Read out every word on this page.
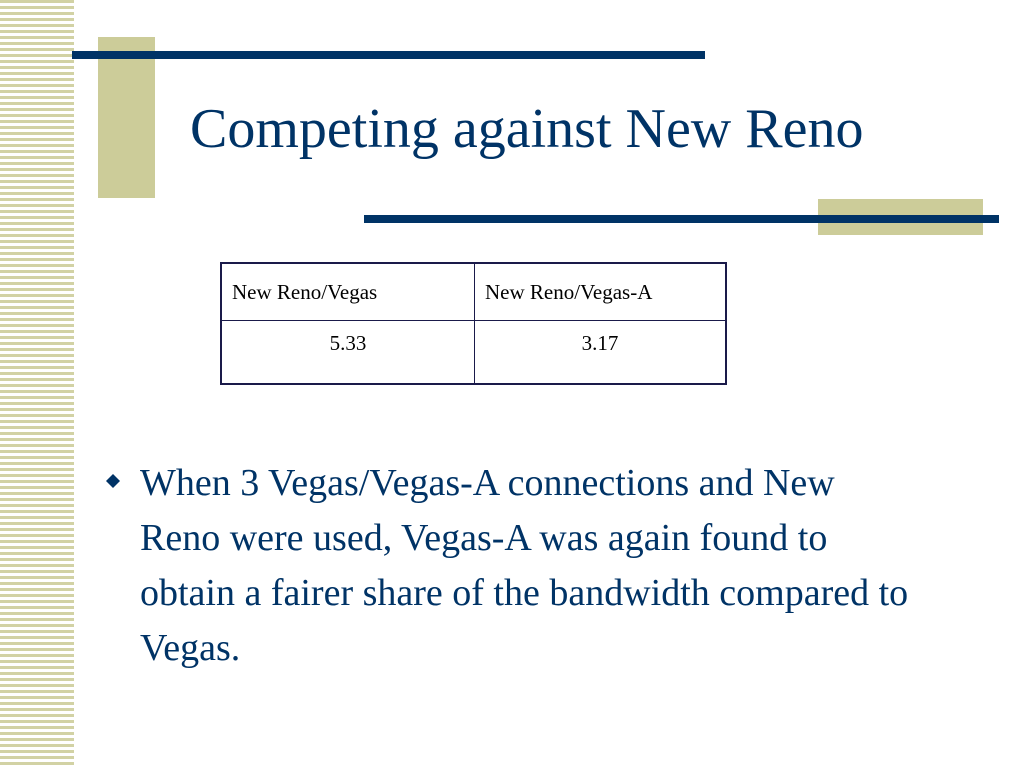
Competing against New Reno
New Reno/Vegas	New Reno/Vegas-A
5.33	3.17

When 3 Vegas/Vegas-A connections and New Reno were used, Vegas-A was again found to obtain a fairer share of the bandwidth compared to Vegas.
